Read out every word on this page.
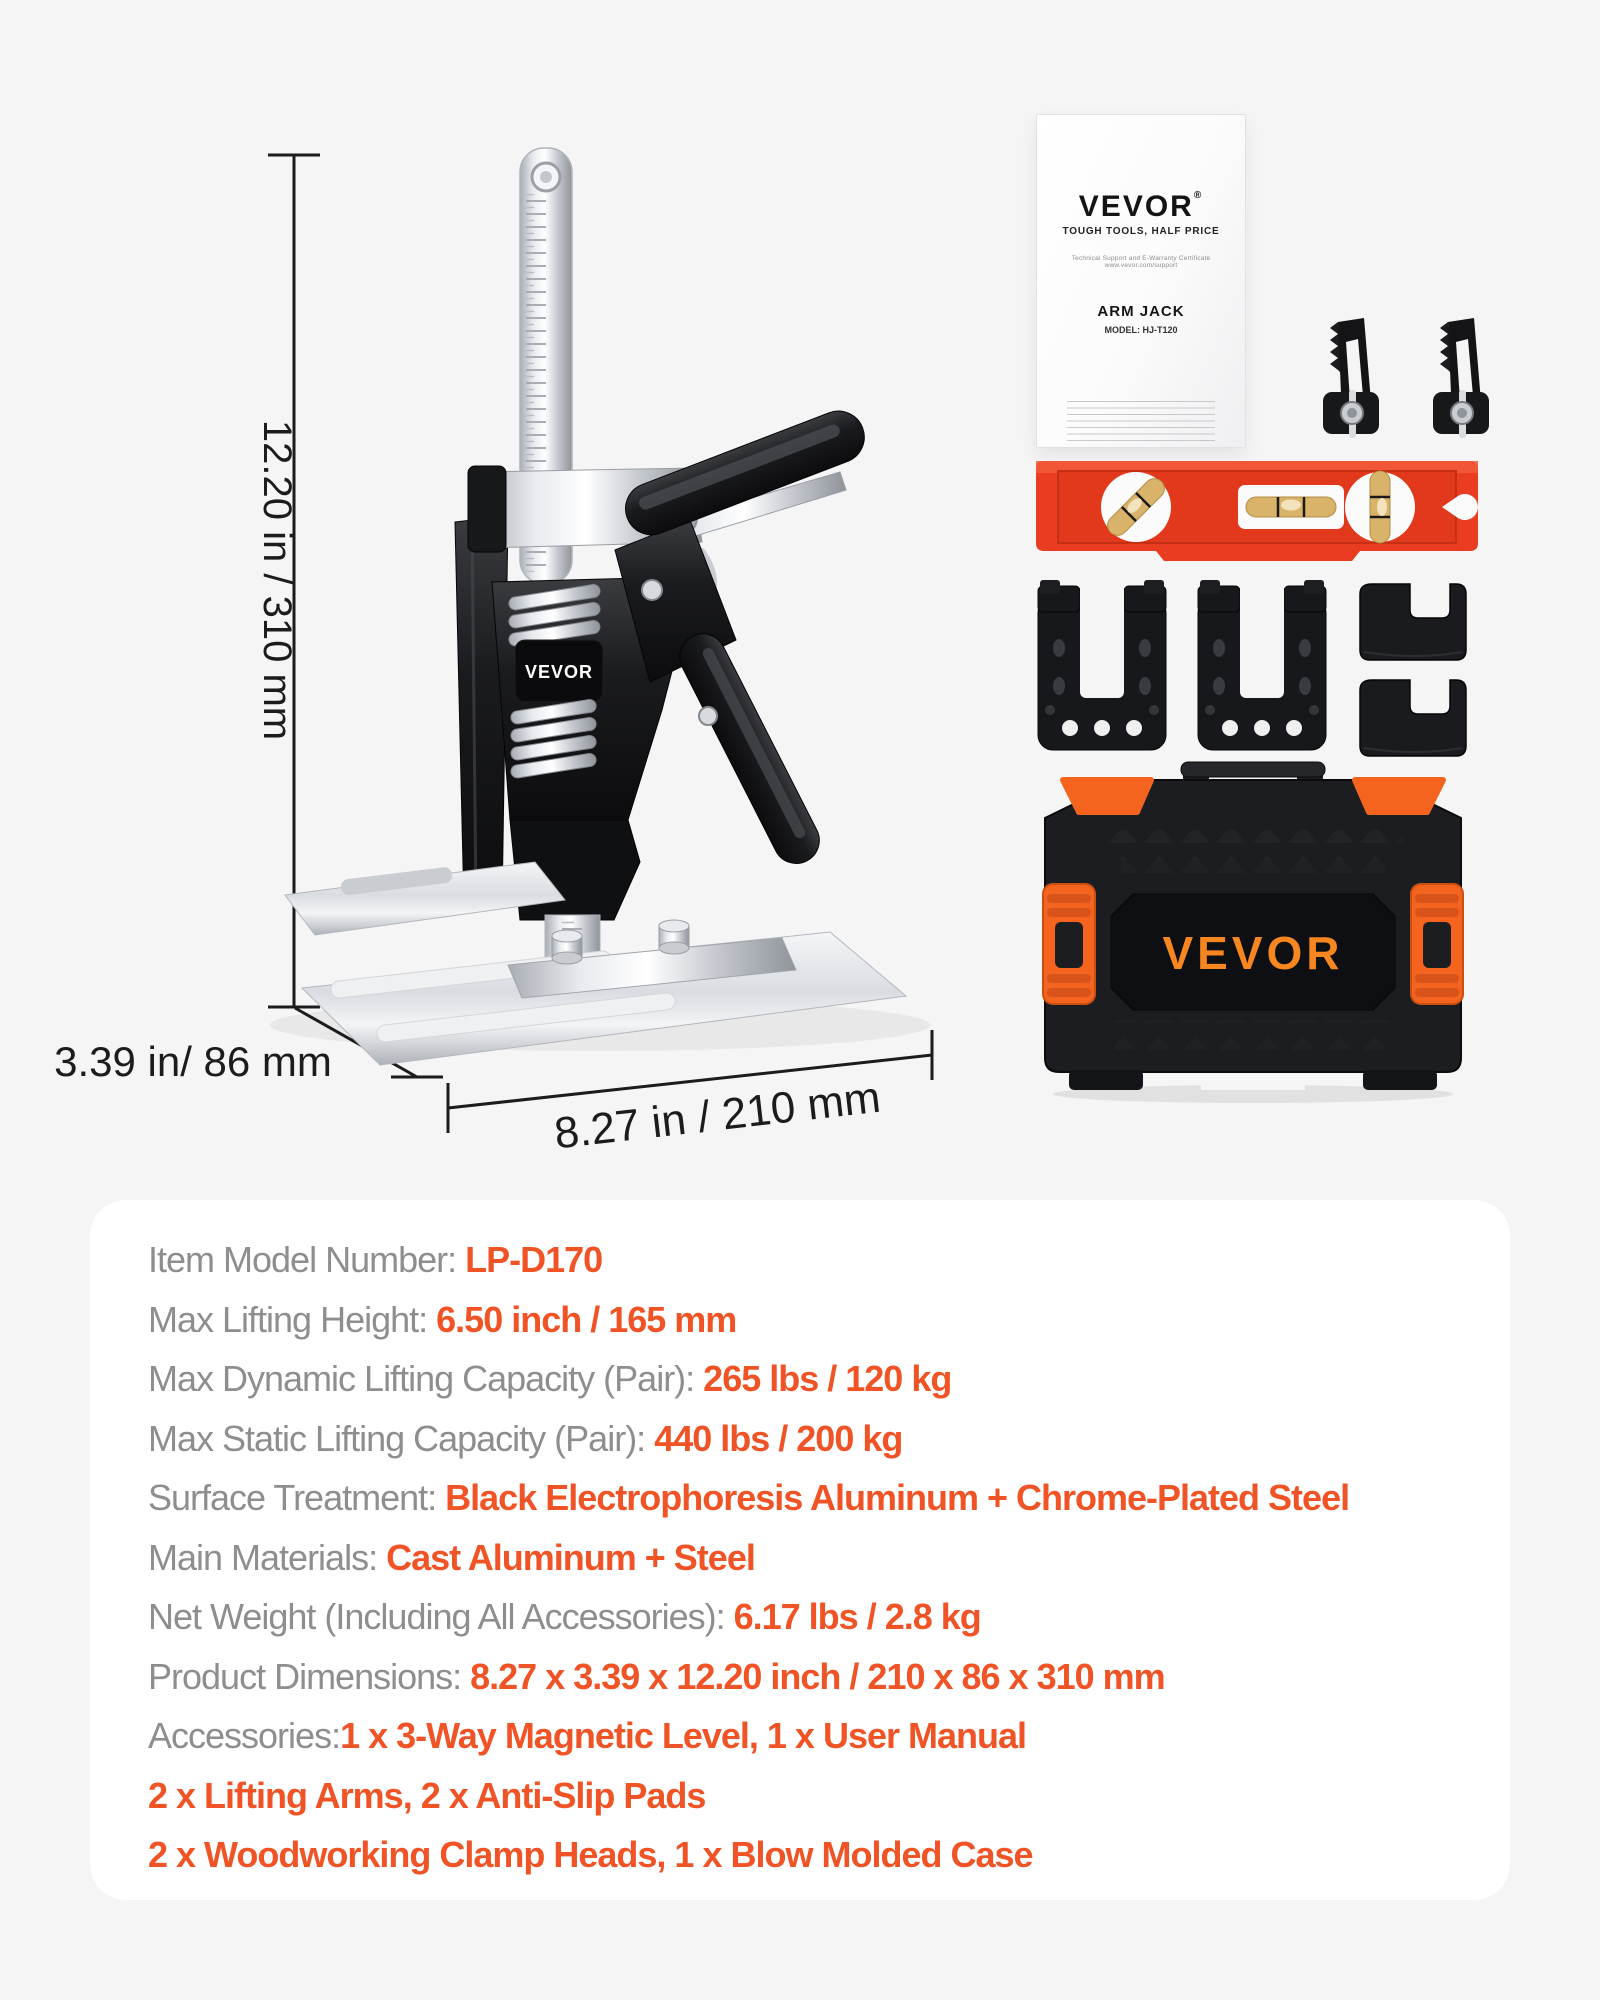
12.20 in / 310 mm
3.39 in/ 86 mm
8.27 in / 210 mm
VEVOR
VEVOR®
TOUGH TOOLS, HALF PRICE
Technical Support and E-Warranty Certificate www.vevor.com/support
ARM JACK
MODEL: HJ-T120
VEVOR
Item Model Number: LP-D170
Max Lifting Height: 6.50 inch / 165 mm
Max Dynamic Lifting Capacity (Pair): 265 lbs / 120 kg
Max Static Lifting Capacity (Pair): 440 lbs / 200 kg
Surface Treatment: Black Electrophoresis Aluminum + Chrome-Plated Steel
Main Materials: Cast Aluminum + Steel
Net Weight (Including All Accessories): 6.17 lbs / 2.8 kg
Product Dimensions: 8.27 x 3.39 x 12.20 inch / 210 x 86 x 310 mm
Accessories:1 x 3-Way Magnetic Level, 1 x User Manual
2 x Lifting Arms, 2 x Anti-Slip Pads
2 x Woodworking Clamp Heads, 1 x Blow Molded Case
